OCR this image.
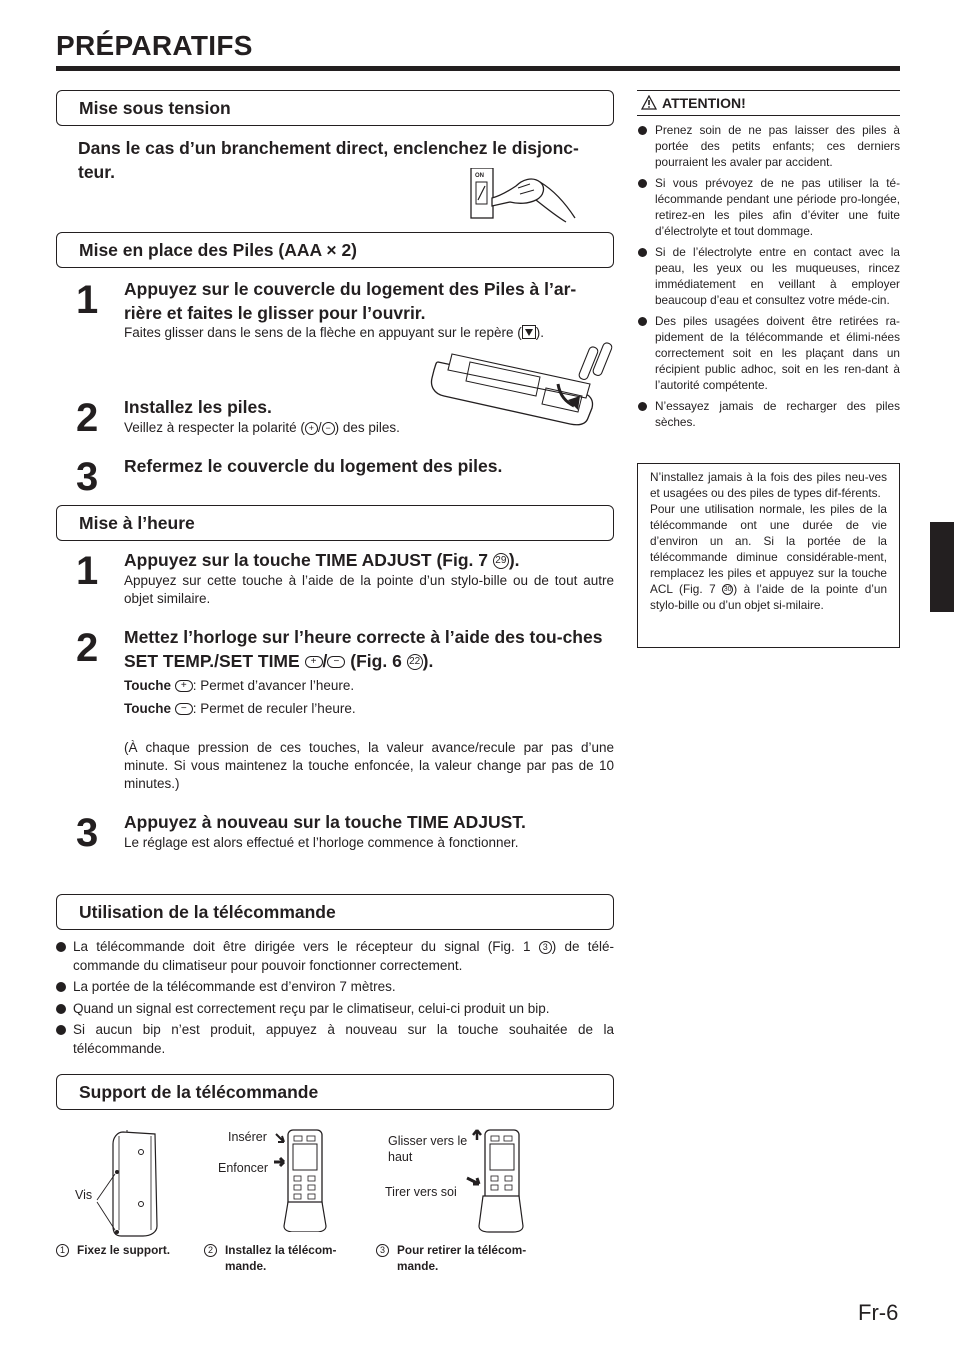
PRÉPARATIFS
Mise sous tension
Dans le cas d’un branchement direct, enclenchez le disjonc-teur.	ON
Mise en place des Piles (AAA × 2)
1 Appuyez sur le couvercle du logement des Piles à l’ar-rière et faites le glisser pour l’ouvrir.
Faites glisser dans le sens de la flèche en appuyant sur le repère ( ).
2 Installez les piles.
Veillez à respecter la polarité ( + / − ) des piles.
3 Refermez le couvercle du logement des piles.
Mise à l’heure
1 Appuyez sur la touche TIME ADJUST (Fig. 7 29 ).
Appuyez sur cette touche à l’aide de la pointe d’un stylo-bille ou de tout autre objet similaire.
2 Mettez l’horloge sur l’heure correcte à l’aide des tou-ches SET TEMP./SET TIME + / − (Fig. 6 22 ).
Touche + : Permet d’avancer l’heure.
Touche − : Permet de reculer l’heure.
(À chaque pression de ces touches, la valeur avance/recule par pas d’une minute. Si vous maintenez la touche enfoncée, la valeur change par pas de 10 minutes.)
3 Appuyez à nouveau sur la touche TIME ADJUST.
Le réglage est alors effectué et l’horloge commence à fonctionner.
Utilisation de la télécommande
La télécommande doit être dirigée vers le récepteur du signal (Fig. 1 3 ) de télé-commande du climatiseur pour pouvoir fonctionner correctement.
La portée de la télécommande est d’environ 7 mètres.
Quand un signal est correctement reçu par le climatiseur, celui-ci produit un bip.
Si aucun bip n’est produit, appuyez à nouveau sur la touche souhaitée de la télécommande.
Support de la télécommande
Vis
Insérer
Enfoncer
Glisser vers le haut
Tirer vers soi
1 Fixez le support.	2	Installez la télécom-mande.
3	Pour retirer la télécom-mande.
ATTENTION!
Prenez soin de ne pas laisser des piles à portée des petits enfants; ces derniers pourraient les avaler par accident.
Si vous prévoyez de ne pas utiliser la té-lécommande pendant une période pro-longée, retirez-en les piles afin d’éviter une fuite d’électrolyte et tout dommage.
Si de l’électrolyte entre en contact avec la peau, les yeux ou les muqueuses, rincez immédiatement en veillant à employer beaucoup d’eau et consultez votre méde-cin.
Des piles usagées doivent être retirées ra-pidement de la télécommande et élimi-nées correctement soit en les plaçant dans un récipient public adhoc, soit en les ren-dant à l’autorité compétente.
N’essayez jamais de recharger des piles sèches.
N’installez jamais à la fois des piles neu-ves et usagées ou des piles de types dif-férents.
Pour une utilisation normale, les piles de la télécommande ont une durée de vie d’environ un an. Si la portée de la télécommande diminue considérable-ment, remplacez les piles et appuyez sur la touche ACL (Fig. 7 30 ) à l’aide de la pointe d’un stylo-bille ou d’un objet si-milaire.
Fr-6
